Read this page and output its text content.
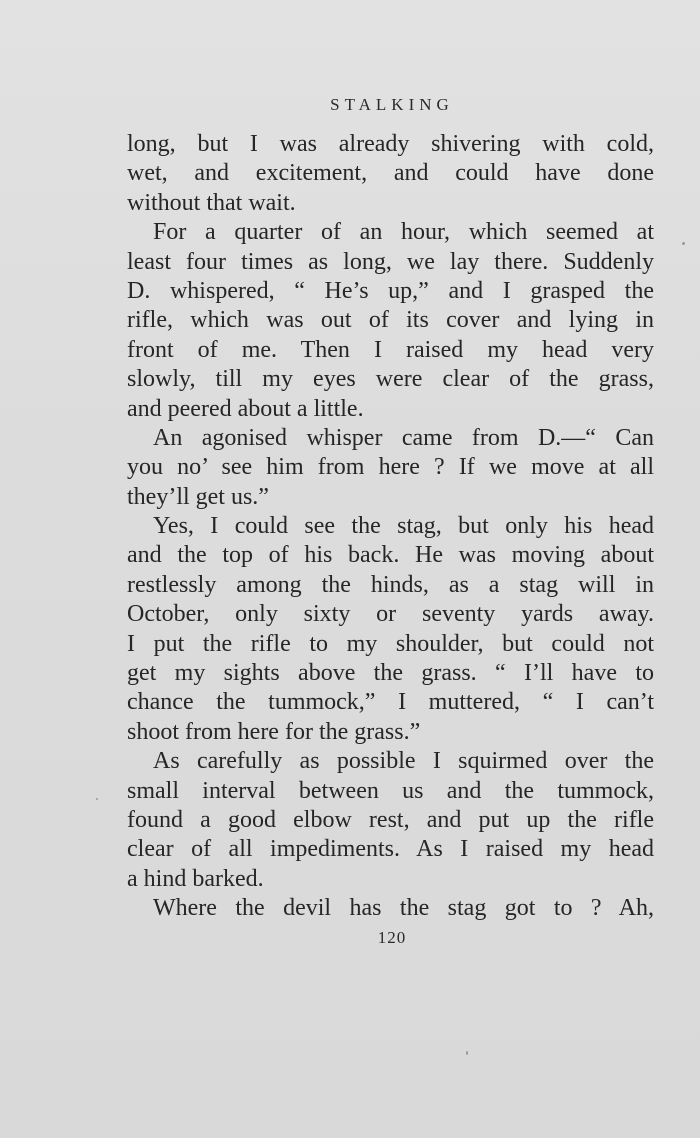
STALKING
long, but I was already shivering with cold,
wet, and excitement, and could have done
without that wait.
For a quarter of an hour, which seemed at
least four times as long, we lay there. Suddenly
D. whispered, “ He’s up,” and I grasped the
rifle, which was out of its cover and lying in
front of me. Then I raised my head very
slowly, till my eyes were clear of the grass,
and peered about a little.
An agonised whisper came from D.—“ Can
you no’ see him from here ? If we move at all
they’ll get us.”
Yes, I could see the stag, but only his head
and the top of his back. He was moving about
restlessly among the hinds, as a stag will in
October, only sixty or seventy yards away.
I put the rifle to my shoulder, but could not
get my sights above the grass. “ I’ll have to
chance the tummock,” I muttered, “ I can’t
shoot from here for the grass.”
As carefully as possible I squirmed over the
small interval between us and the tummock,
found a good elbow rest, and put up the rifle
clear of all impediments. As I raised my head
a hind barked.
Where the devil has the stag got to ? Ah,
120
